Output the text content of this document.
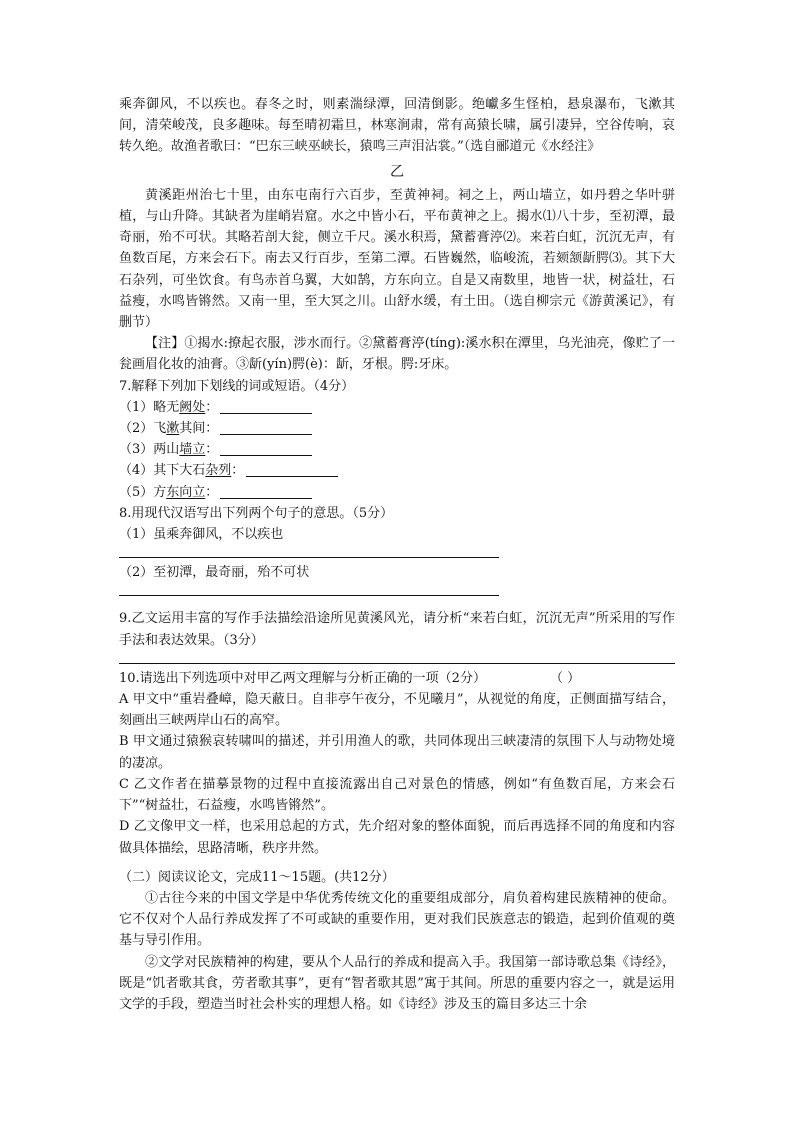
乘奔御风，不以疾也。春冬之时，则素湍绿潭，回清倒影。绝巘多生怪柏，悬泉瀑布，飞漱其间，清荣峻茂，良多趣味。每至晴初霜旦，林寒涧肃，常有高猿长啸，属引凄异，空谷传响，哀转久绝。故渔者歌曰：“巴东三峡巫峡长，猿鸣三声泪沾裳。”（选自郦道元《水经注》

乙

黄溪距州治七十里，由东屯南行六百步，至黄神祠。祠之上，两山墙立，如丹碧之华叶骈植，与山升降。其缺者为崖峭岩窟。水之中皆小石，平布黄神之上。揭水⑴八十步，至初潭，最奇丽，殆不可状。其略若剖大瓮，侧立千尺。溪水积焉，黛蓄膏渟⑵。来若白虹，沉沉无声，有鱼数百尾，方来会石下。南去又行百步，至第二潭。石皆巍然，临峻流，若颏颔龂腭⑶。其下大石杂列，可坐饮食。有鸟赤首乌翼，大如鹄，方东向立。自是又南数里，地皆一状，树益壮，石益瘦，水鸣皆锵然。又南一里，至大冥之川。山舒水缓，有土田。（选自柳宗元《游黄溪记》，有删节）

【注】①揭水:撩起衣服，涉水而行。②黛蓄膏渟(tíng):溪水积在潭里，乌光油亮，像贮了一瓮画眉化妆的油膏。③龂(yín)腭(è)：龂，牙根。腭:牙床。

7.解释下列加下划线的词或短语。（4分）

（1）略无阙处：
（2）飞漱其间：
（3）两山墙立：
（4）其下大石杂列：
（5）方东向立：

8.用现代汉语写出下列两个句子的意思。（5分）

（1）虽乘奔御风，不以疾也

（2）至初潭，最奇丽，殆不可状

9.乙文运用丰富的写作手法描绘沿途所见黄溪风光，请分析“来若白虹，沉沉无声”所采用的写作手法和表达效果。（3分）

10.请选出下列选项中对甲乙两文理解与分析正确的一项（2分）	（ ）

A 甲文中“重岩叠嶂，隐天蔽日。自非亭午夜分，不见曦月”，从视觉的角度，正侧面描写结合，刻画出三峡两岸山石的高窄。

B 甲文通过猿猴哀转啸叫的描述，并引用渔人的歌，共同体现出三峡凄清的氛围下人与动物处境的凄凉。

C 乙文作者在描摹景物的过程中直接流露出自己对景色的情感，例如“有鱼数百尾，方来会石下”“树益壮，石益瘦，水鸣皆锵然”。

D 乙文像甲文一样，也采用总起的方式，先介绍对象的整体面貌，而后再选择不同的角度和内容做具体描绘，思路清晰，秩序井然。

（二）阅读议论文，完成11～15题。(共12分）

①古往今来的中国文学是中华优秀传统文化的重要组成部分，肩负着构建民族精神的使命。它不仅对个人品行养成发挥了不可或缺的重要作用，更对我们民族意志的锻造，起到价值观的奠基与导引作用。

②文学对民族精神的构建，要从个人品行的养成和提高入手。我国第一部诗歌总集《诗经》，既是“饥者歌其食，劳者歌其事”，更有“智者歌其恩”寓于其间。所思的重要内容之一，就是运用文学的手段，塑造当时社会朴实的理想人格。如《诗经》涉及玉的篇目多达三十余
